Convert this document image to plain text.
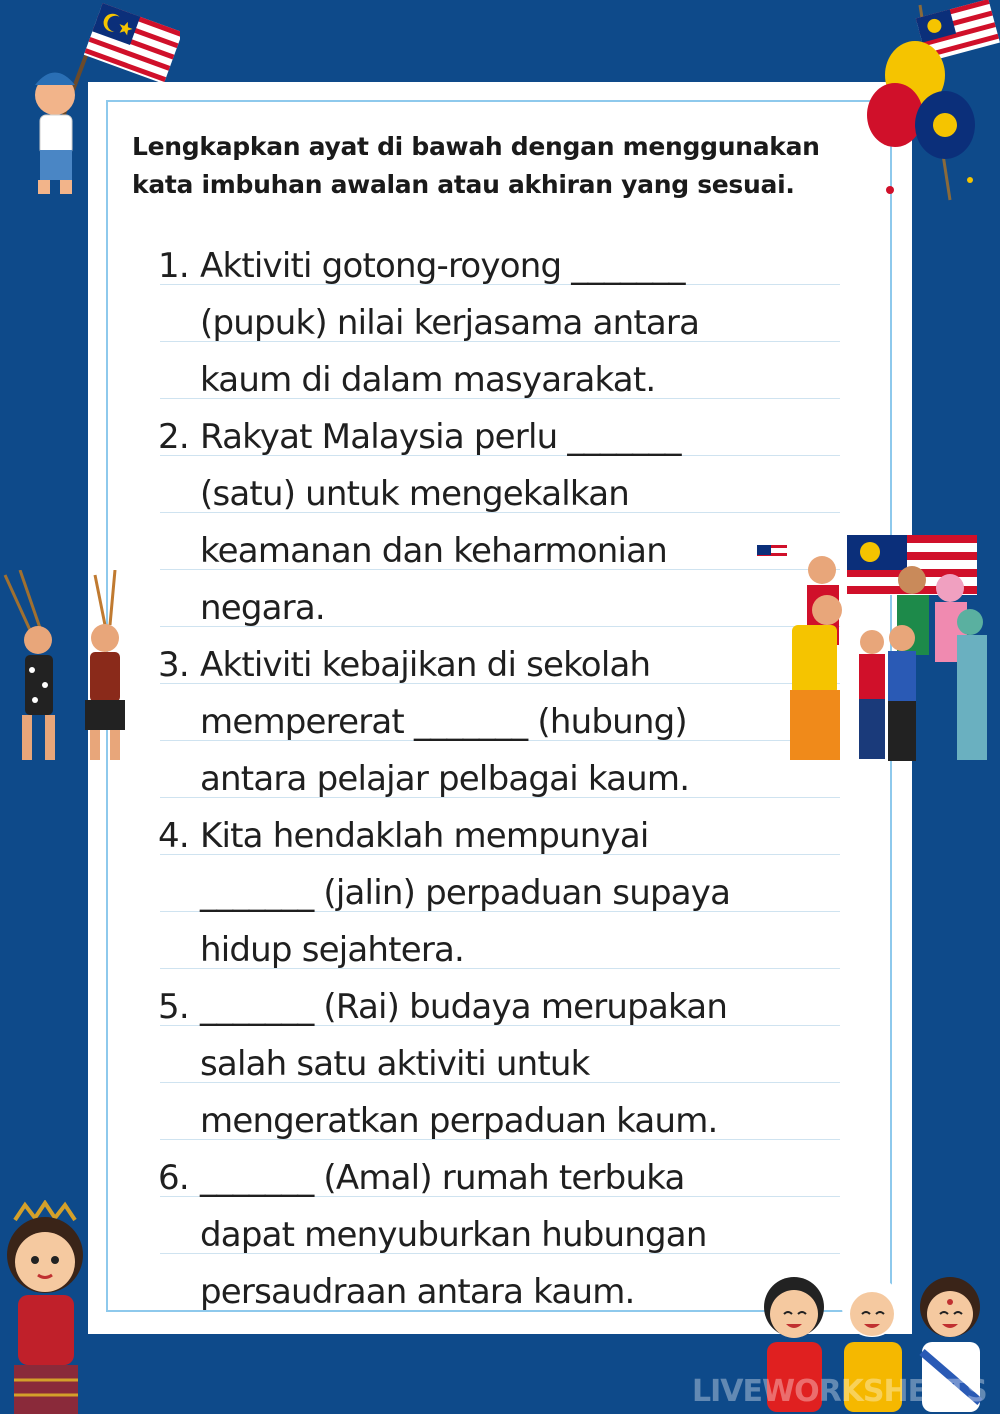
Lengkapkan ayat di bawah dengan menggunakan
kata imbuhan awalan atau akhiran yang sesuai.
1. Aktiviti gotong-royong _______
(pupuk) nilai kerjasama antara
kaum di dalam masyarakat.
2. Rakyat Malaysia perlu _______
(satu) untuk mengekalkan
keamanan dan keharmonian
negara.
3. Aktiviti kebajikan di sekolah
mempererat _______ (hubung)
antara pelajar pelbagai kaum.
4. Kita hendaklah mempunyai
_______ (jalin) perpaduan supaya
hidup sejahtera.
5. _______ (Rai) budaya merupakan
salah satu aktiviti untuk
mengeratkan perpaduan kaum.
6. _______ (Amal) rumah terbuka
dapat menyuburkan hubungan
persaudraan antara kaum.
LIVEWORKSHEETS
